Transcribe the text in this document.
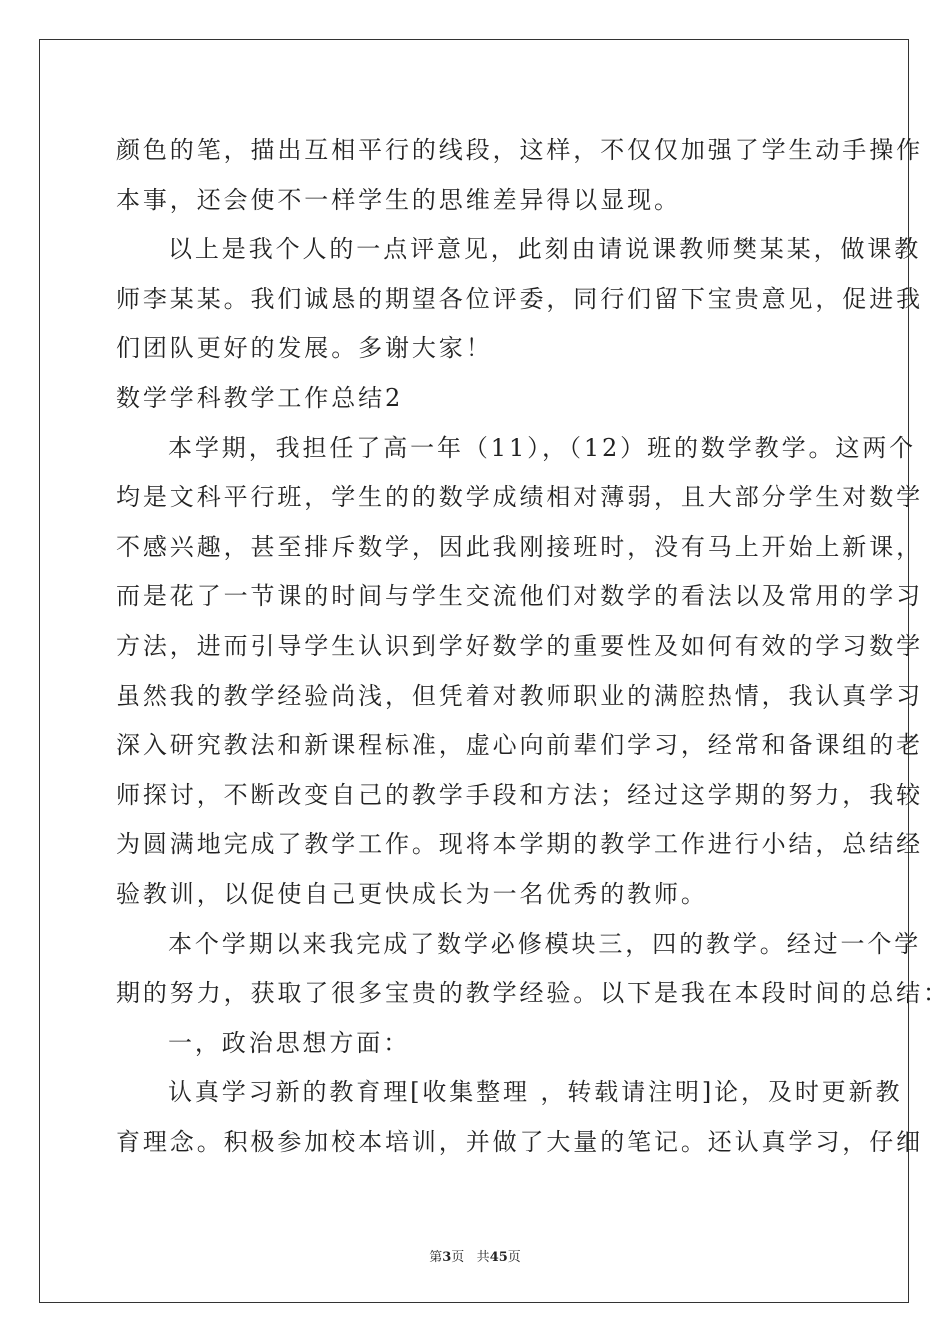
颜色的笔，描出互相平行的线段，这样，不仅仅加强了学生动手操作
本事，还会使不一样学生的思维差异得以显现。
以上是我个人的一点评意见，此刻由请说课教师樊某某，做课教
师李某某。我们诚恳的期望各位评委，同行们留下宝贵意见，促进我
们团队更好的发展。多谢大家！
数学学科教学工作总结2
本学期，我担任了高一年（11），（12）班的数学教学。这两个
均是文科平行班，学生的的数学成绩相对薄弱，且大部分学生对数学
不感兴趣，甚至排斥数学，因此我刚接班时，没有马上开始上新课，
而是花了一节课的时间与学生交流他们对数学的看法以及常用的学习
方法，进而引导学生认识到学好数学的重要性及如何有效的学习数学
虽然我的教学经验尚浅，但凭着对教师职业的满腔热情，我认真学习
深入研究教法和新课程标准，虚心向前辈们学习，经常和备课组的老
师探讨，不断改变自己的教学手段和方法；经过这学期的努力，我较
为圆满地完成了教学工作。现将本学期的教学工作进行小结，总结经
验教训，以促使自己更快成长为一名优秀的教师。
本个学期以来我完成了数学必修模块三，四的教学。经过一个学
期的努力，获取了很多宝贵的教学经验。以下是我在本段时间的总结：
一，政治思想方面：
认真学习新的教育理[收集整理 ，转载请注明]论，及时更新教
育理念。积极参加校本培训，并做了大量的笔记。还认真学习，仔细
第3页 共45页
